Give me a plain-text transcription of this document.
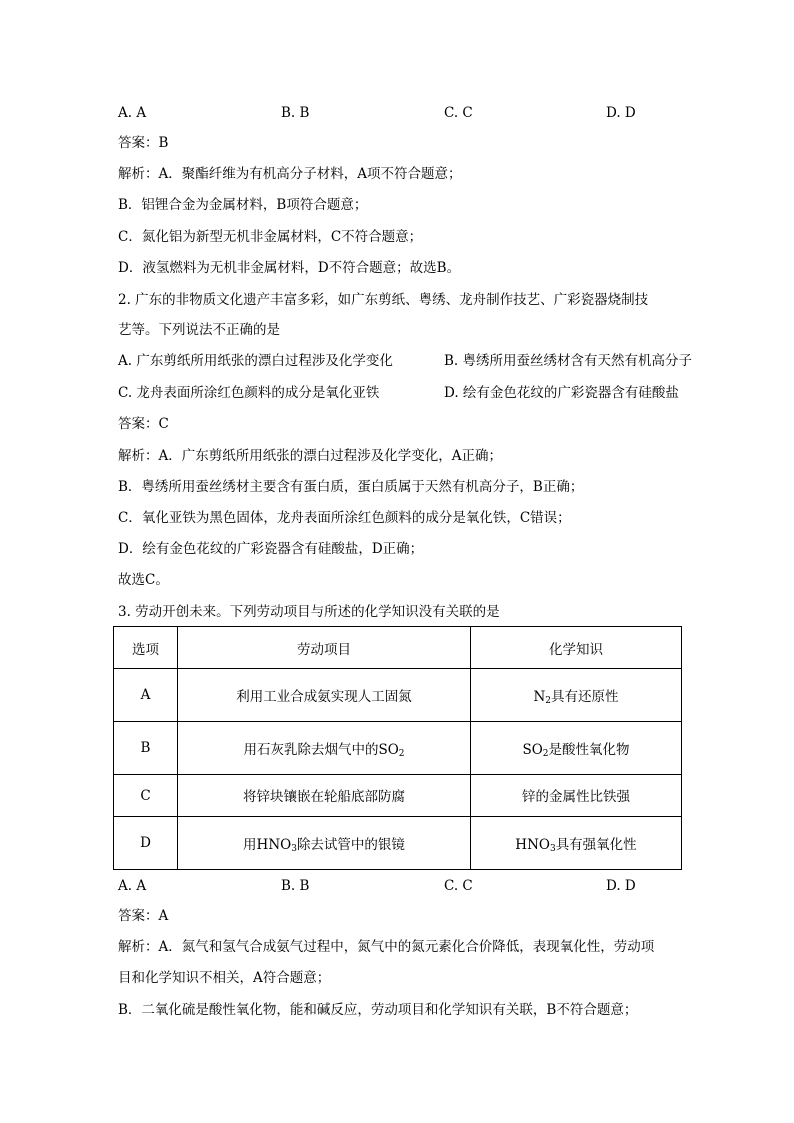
A. A	B. B	C. C	D. D
答案：B
解析：A．聚酯纤维为有机高分子材料，A项不符合题意；
B．铝锂合金为金属材料，B项符合题意；
C．氮化铝为新型无机非金属材料，C不符合题意；
D．液氢燃料为无机非金属材料，D不符合题意；故选B。
2. 广东的非物质文化遗产丰富多彩，如广东剪纸、粤绣、龙舟制作技艺、广彩瓷器烧制技
艺等。下列说法不正确的是
A. 广东剪纸所用纸张的漂白过程涉及化学变化	B. 粤绣所用蚕丝绣材含有天然有机高分子
C. 龙舟表面所涂红色颜料的成分是氧化亚铁	D. 绘有金色花纹的广彩瓷器含有硅酸盐
答案：C
解析：A．广东剪纸所用纸张的漂白过程涉及化学变化，A正确；
B．粤绣所用蚕丝绣材主要含有蛋白质，蛋白质属于天然有机高分子，B正确；
C．氧化亚铁为黑色固体，龙舟表面所涂红色颜料的成分是氧化铁，C错误；
D．绘有金色花纹的广彩瓷器含有硅酸盐，D正确；
故选C。
3. 劳动开创未来。下列劳动项目与所述的化学知识没有关联的是
选项	劳动项目	化学知识
A	利用工业合成氨实现人工固氮	$N_2$具有还原性
B	用石灰乳除去烟气中的$SO_2$	$SO_2$是酸性氧化物
C	将锌块镶嵌在轮船底部防腐	锌的金属性比铁强
D	用$HNO_3$除去试管中的银镜	$HNO_3$具有强氧化性
A. A	B. B	C. C	D. D
答案：A
解析：A．氮气和氢气合成氨气过程中，氮气中的氮元素化合价降低，表现氧化性，劳动项
目和化学知识不相关，A符合题意；
B．二氧化硫是酸性氧化物，能和碱反应，劳动项目和化学知识有关联，B不符合题意；
